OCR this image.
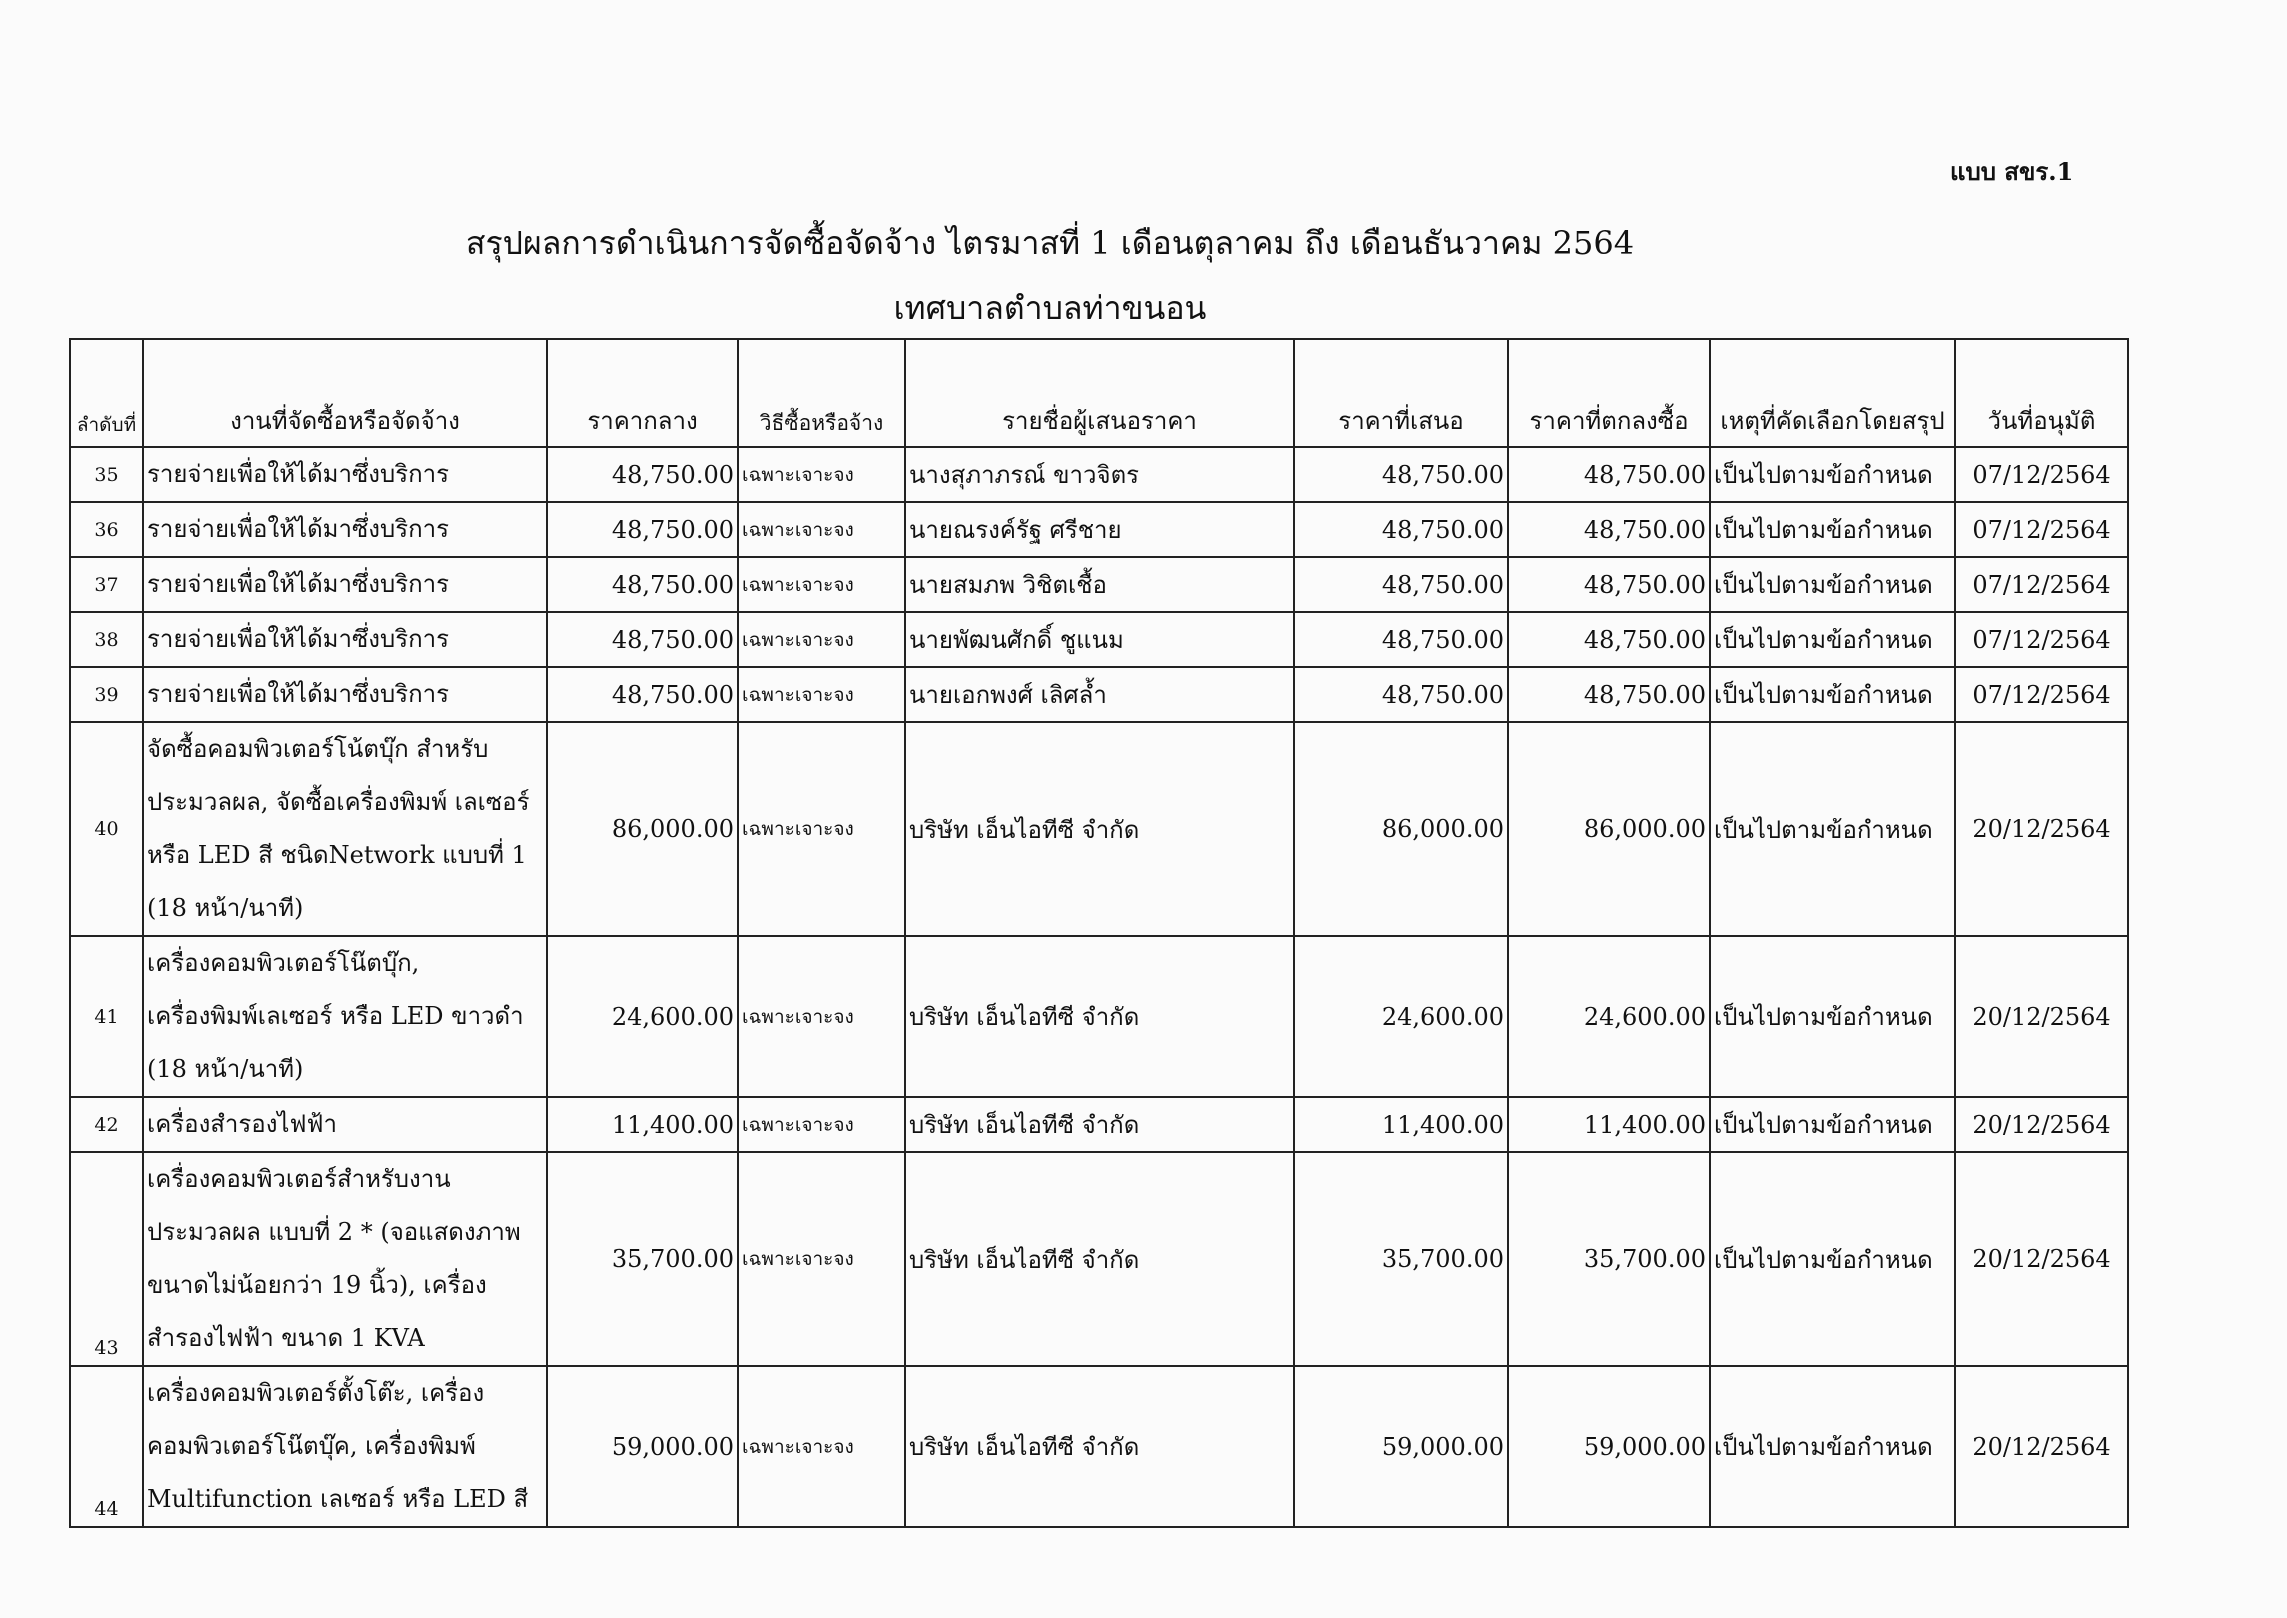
แบบ สขร.1
สรุปผลการดำเนินการจัดซื้อจัดจ้าง ไตรมาสที่ 1 เดือนตุลาคม ถึง เดือนธันวาคม 2564
เทศบาลตำบลท่าขนอน
ลำดับที่	งานที่จัดซื้อหรือจัดจ้าง	ราคากลาง	วิธีซื้อหรือจ้าง	รายชื่อผู้เสนอราคา	ราคาที่เสนอ	ราคาที่ตกลงซื้อ	เหตุที่คัดเลือกโดยสรุป	วันที่อนุมัติ
35	รายจ่ายเพื่อให้ได้มาซึ่งบริการ	48,750.00	เฉพาะเจาะจง	นางสุภาภรณ์ ขาวจิตร	48,750.00	48,750.00	เป็นไปตามข้อกำหนด	07/12/2564
36	รายจ่ายเพื่อให้ได้มาซึ่งบริการ	48,750.00	เฉพาะเจาะจง	นายณรงค์รัฐ ศรีชาย	48,750.00	48,750.00	เป็นไปตามข้อกำหนด	07/12/2564
37	รายจ่ายเพื่อให้ได้มาซึ่งบริการ	48,750.00	เฉพาะเจาะจง	นายสมภพ วิชิตเชื้อ	48,750.00	48,750.00	เป็นไปตามข้อกำหนด	07/12/2564
38	รายจ่ายเพื่อให้ได้มาซึ่งบริการ	48,750.00	เฉพาะเจาะจง	นายพัฒนศักดิ์ ชูแนม	48,750.00	48,750.00	เป็นไปตามข้อกำหนด	07/12/2564
39	รายจ่ายเพื่อให้ได้มาซึ่งบริการ	48,750.00	เฉพาะเจาะจง	นายเอกพงศ์ เลิศล้ำ	48,750.00	48,750.00	เป็นไปตามข้อกำหนด	07/12/2564
40	จัดซื้อคอมพิวเตอร์โน้ตบุ๊ก สำหรับ
ประมวลผล, จัดซื้อเครื่องพิมพ์ เลเซอร์
หรือ LED สี ชนิดNetwork แบบที่ 1
(18 หน้า/นาที)	86,000.00	เฉพาะเจาะจง	บริษัท เอ็นไอทีซี จำกัด	86,000.00	86,000.00	เป็นไปตามข้อกำหนด	20/12/2564
41	เครื่องคอมพิวเตอร์โน๊ตบุ๊ก,
เครื่องพิมพ์เลเซอร์ หรือ LED ขาวดำ
(18 หน้า/นาที)	24,600.00	เฉพาะเจาะจง	บริษัท เอ็นไอทีซี จำกัด	24,600.00	24,600.00	เป็นไปตามข้อกำหนด	20/12/2564
42	เครื่องสำรองไฟฟ้า	11,400.00	เฉพาะเจาะจง	บริษัท เอ็นไอทีซี จำกัด	11,400.00	11,400.00	เป็นไปตามข้อกำหนด	20/12/2564
43	เครื่องคอมพิวเตอร์สำหรับงาน
ประมวลผล แบบที่ 2 * (จอแสดงภาพ
ขนาดไม่น้อยกว่า 19 นิ้ว), เครื่อง
สำรองไฟฟ้า ขนาด 1 KVA	35,700.00	เฉพาะเจาะจง	บริษัท เอ็นไอทีซี จำกัด	35,700.00	35,700.00	เป็นไปตามข้อกำหนด	20/12/2564
44	เครื่องคอมพิวเตอร์ตั้งโต๊ะ, เครื่อง
คอมพิวเตอร์โน๊ตบุ๊ค, เครื่องพิมพ์
Multifunction เลเซอร์ หรือ LED สี	59,000.00	เฉพาะเจาะจง	บริษัท เอ็นไอทีซี จำกัด	59,000.00	59,000.00	เป็นไปตามข้อกำหนด	20/12/2564
